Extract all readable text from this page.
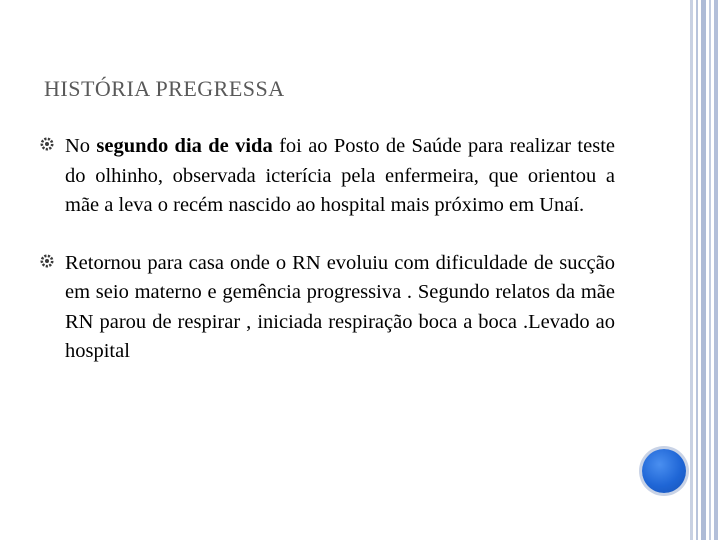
HISTÓRIA PREGRESSA

No segundo dia de vida foi ao Posto de Saúde para realizar teste do olhinho, observada icterícia pela enfermeira, que orientou a mãe a leva o recém nascido ao hospital mais próximo em Unaí.

Retornou para casa onde o RN evoluiu com dificuldade de sucção em seio materno e gemência progressiva . Segundo relatos da mãe RN parou de respirar , iniciada respiração boca a boca .Levado ao hospital
